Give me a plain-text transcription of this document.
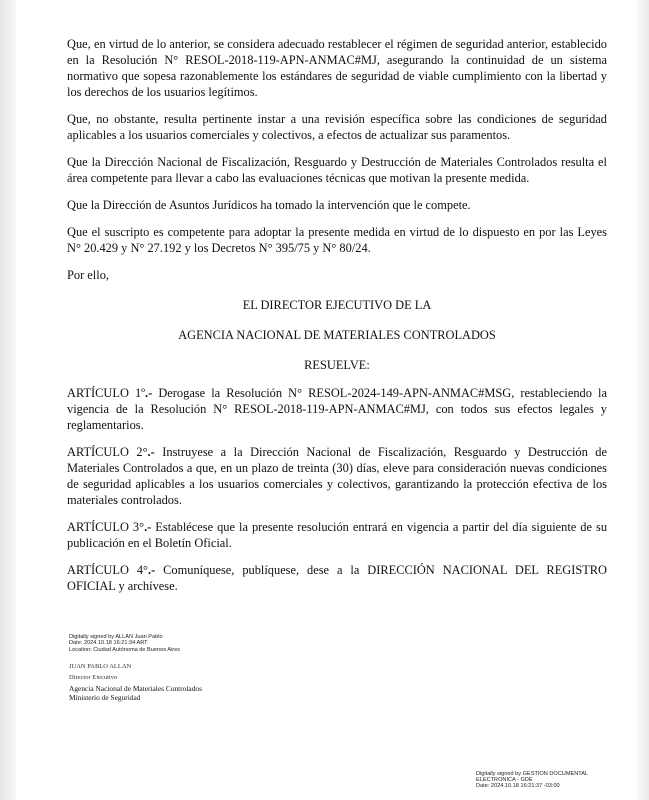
Que, en virtud de lo anterior, se considera adecuado restablecer el régimen de seguridad anterior, establecido en la Resolución N° RESOL-2018-119-APN-ANMAC#MJ, asegurando la continuidad de un sistema normativo que sopesa razonablemente los estándares de seguridad de viable cumplimiento con la libertad y los derechos de los usuarios legítimos.

Que, no obstante, resulta pertinente instar a una revisión específica sobre las condiciones de seguridad aplicables a los usuarios comerciales y colectivos, a efectos de actualizar sus paramentos.

Que la Dirección Nacional de Fiscalización, Resguardo y Destrucción de Materiales Controlados resulta el área competente para llevar a cabo las evaluaciones técnicas que motivan la presente medida.

Que la Dirección de Asuntos Jurídicos ha tomado la intervención que le compete.

Que el suscripto es competente para adoptar la presente medida en virtud de lo dispuesto en por las Leyes N° 20.429 y N° 27.192 y los Decretos N° 395/75 y N° 80/24.

Por ello,

EL DIRECTOR EJECUTIVO DE LA

AGENCIA NACIONAL DE MATERIALES CONTROLADOS

RESUELVE:

ARTÍCULO 1º.- Derogase la Resolución N° RESOL-2024-149-APN-ANMAC#MSG, restableciendo la vigencia de la Resolución N° RESOL-2018-119-APN-ANMAC#MJ, con todos sus efectos legales y reglamentarios.

ARTÍCULO 2°.- Instruyese a la Dirección Nacional de Fiscalización, Resguardo y Destrucción de Materiales Controlados a que, en un plazo de treinta (30) días, eleve para consideración nuevas condiciones de seguridad aplicables a los usuarios comerciales y colectivos, garantizando la protección efectiva de los materiales controlados.

ARTÍCULO 3°.- Establécese que la presente resolución entrará en vigencia a partir del día siguiente de su publicación en el Boletín Oficial.

ARTÍCULO 4°.- Comuníquese, publíquese, dese a la DIRECCIÓN NACIONAL DEL REGISTRO OFICIAL y archívese.

Digitally signed by ALLAN Juan Pablo
Date: 2024.10.18 16:21:34 ART
Location: Ciudad Autónoma de Buenos Aires
JUAN PABLO ALLAN
Director Ejecutivo
Agencia Nacional de Materiales Controlados
Ministerio de Seguridad
Digitally signed by GESTION DOCUMENTAL
ELECTRONICA - GDE
Date: 2024.10.18 16:21:37 -03:00
